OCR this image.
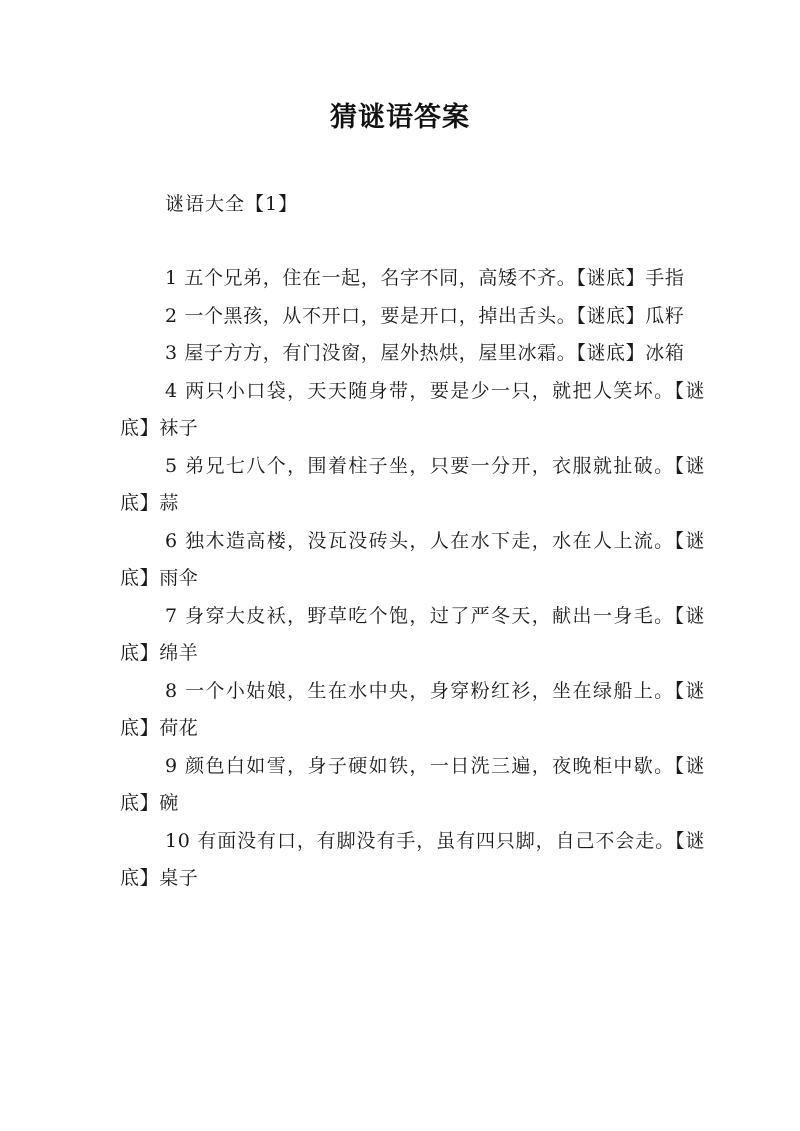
猜谜语答案
谜语大全【1】
1 五个兄弟，住在一起，名字不同，高矮不齐。【谜底】手指
2 一个黑孩，从不开口，要是开口，掉出舌头。【谜底】瓜籽
3 屋子方方，有门没窗，屋外热烘，屋里冰霜。【谜底】冰箱
4 两只小口袋，天天随身带，要是少一只，就把人笑坏。【谜底】袜子
5 弟兄七八个，围着柱子坐，只要一分开，衣服就扯破。【谜底】蒜
6 独木造高楼，没瓦没砖头，人在水下走，水在人上流。【谜底】雨伞
7 身穿大皮袄，野草吃个饱，过了严冬天，献出一身毛。【谜底】绵羊
8 一个小姑娘，生在水中央，身穿粉红衫，坐在绿船上。【谜底】荷花
9 颜色白如雪，身子硬如铁，一日洗三遍，夜晚柜中歇。【谜底】碗
10 有面没有口，有脚没有手，虽有四只脚，自己不会走。【谜底】桌子
